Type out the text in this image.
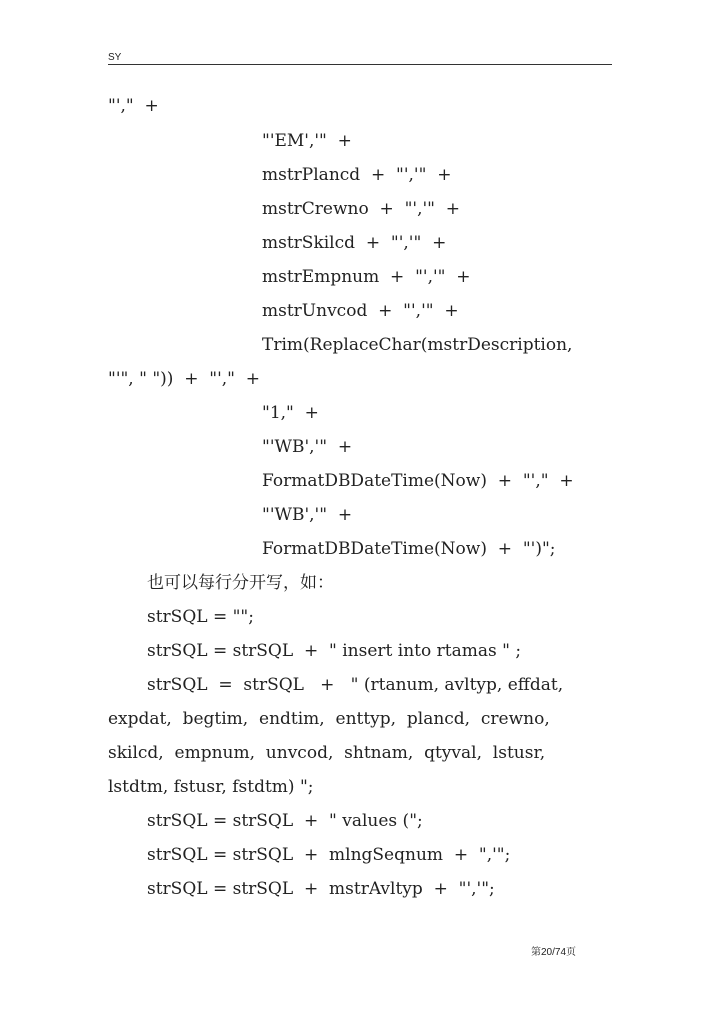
SY
"',"  +
"'EM','"  +
mstrPlancd  +  "','"  +
mstrCrewno  +  "','"  +
mstrSkilcd  +  "','"  +
mstrEmpnum  +  "','"  +
mstrUnvcod  +  "','"  +
Trim(ReplaceChar(mstrDescription,
"'", " "))  +  "',"  +
"1,"  +
"'WB','"  +
FormatDBDateTime(Now)  +  "',"  +
"'WB','"  +
FormatDBDateTime(Now)  +  "')";
也可以每行分开写，如：
strSQL = "";
strSQL = strSQL  +  " insert into rtamas " ;
strSQL  =  strSQL   +   " (rtanum, avltyp, effdat,
expdat,  begtim,  endtim,  enttyp,  plancd,  crewno,
skilcd,  empnum,  unvcod,  shtnam,  qtyval,  lstusr,
lstdtm, fstusr, fstdtm) ";
strSQL = strSQL  +  " values (";
strSQL = strSQL  +  mlngSeqnum  +  ",'";
strSQL = strSQL  +  mstrAvltyp  +  "','";
第20/74页
